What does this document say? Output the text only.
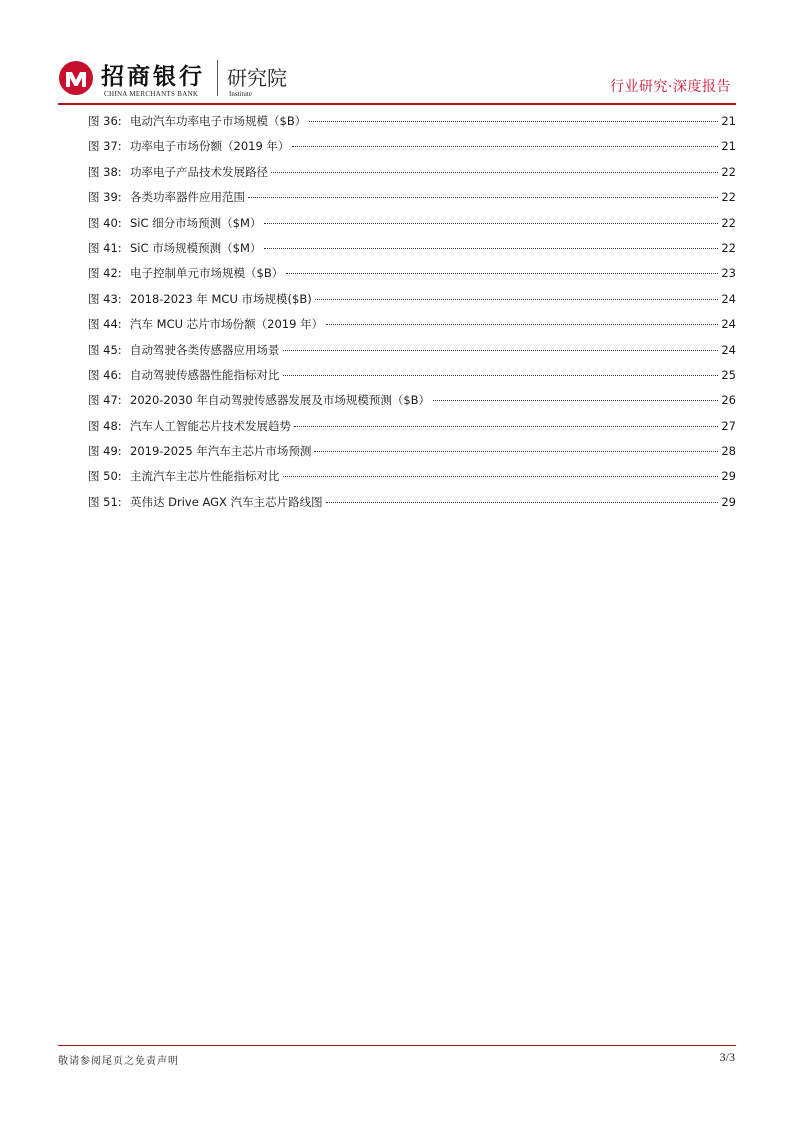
招商银行
CHINA MERCHANTS BANK
研究院
Institute	行业研究·深度报告
图 36: 电动汽车功率电子市场规模（$B）	21
图 37: 功率电子市场份额（2019 年）	21
图 38: 功率电子产品技术发展路径	22
图 39: 各类功率器件应用范围	22
图 40: SiC 细分市场预测（$M）	22
图 41: SiC 市场规模预测（$M）	22
图 42: 电子控制单元市场规模（$B）	23
图 43: 2018-2023 年 MCU 市场规模($B)	24
图 44: 汽车 MCU 芯片市场份额（2019 年）	24
图 45: 自动驾驶各类传感器应用场景	24
图 46: 自动驾驶传感器性能指标对比	25
图 47: 2020-2030 年自动驾驶传感器发展及市场规模预测（$B）	26
图 48: 汽车人工智能芯片技术发展趋势	27
图 49: 2019-2025 年汽车主芯片市场预测	28
图 50: 主流汽车主芯片性能指标对比	29
图 51: 英伟达 Drive AGX 汽车主芯片路线图	29
敬请参阅尾页之免责声明	3/3
